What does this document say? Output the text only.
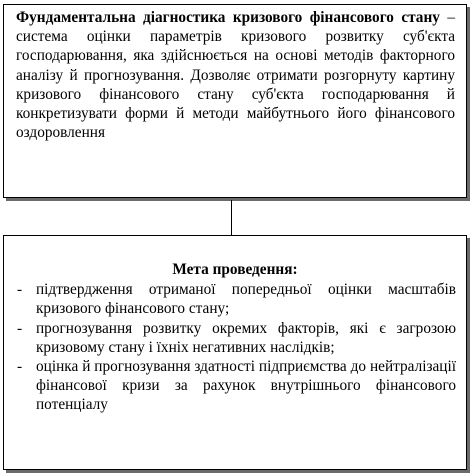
Фундаментальна діагностика кризового фінансового стану – система оцінки параметрів кризового розвитку суб'єкта господарювання, яка здійснюється на основі методів факторного аналізу й прогнозування. Дозволяє отримати розгорнуту картину кризового фінансового стану суб'єкта господарювання й конкретизувати форми й методи майбутнього його фінансового оздоровлення

Мета проведення:

- підтвердження отриманої попередньої оцінки масштабів кризового фінансового стану;
- прогнозування розвитку окремих факторів, які є загрозою кризовому стану і їхніх негативних наслідків;
- оцінка й прогнозування здатності підприємства до нейтралізації фінансової кризи за рахунок внутрішнього фінансового потенціалу
